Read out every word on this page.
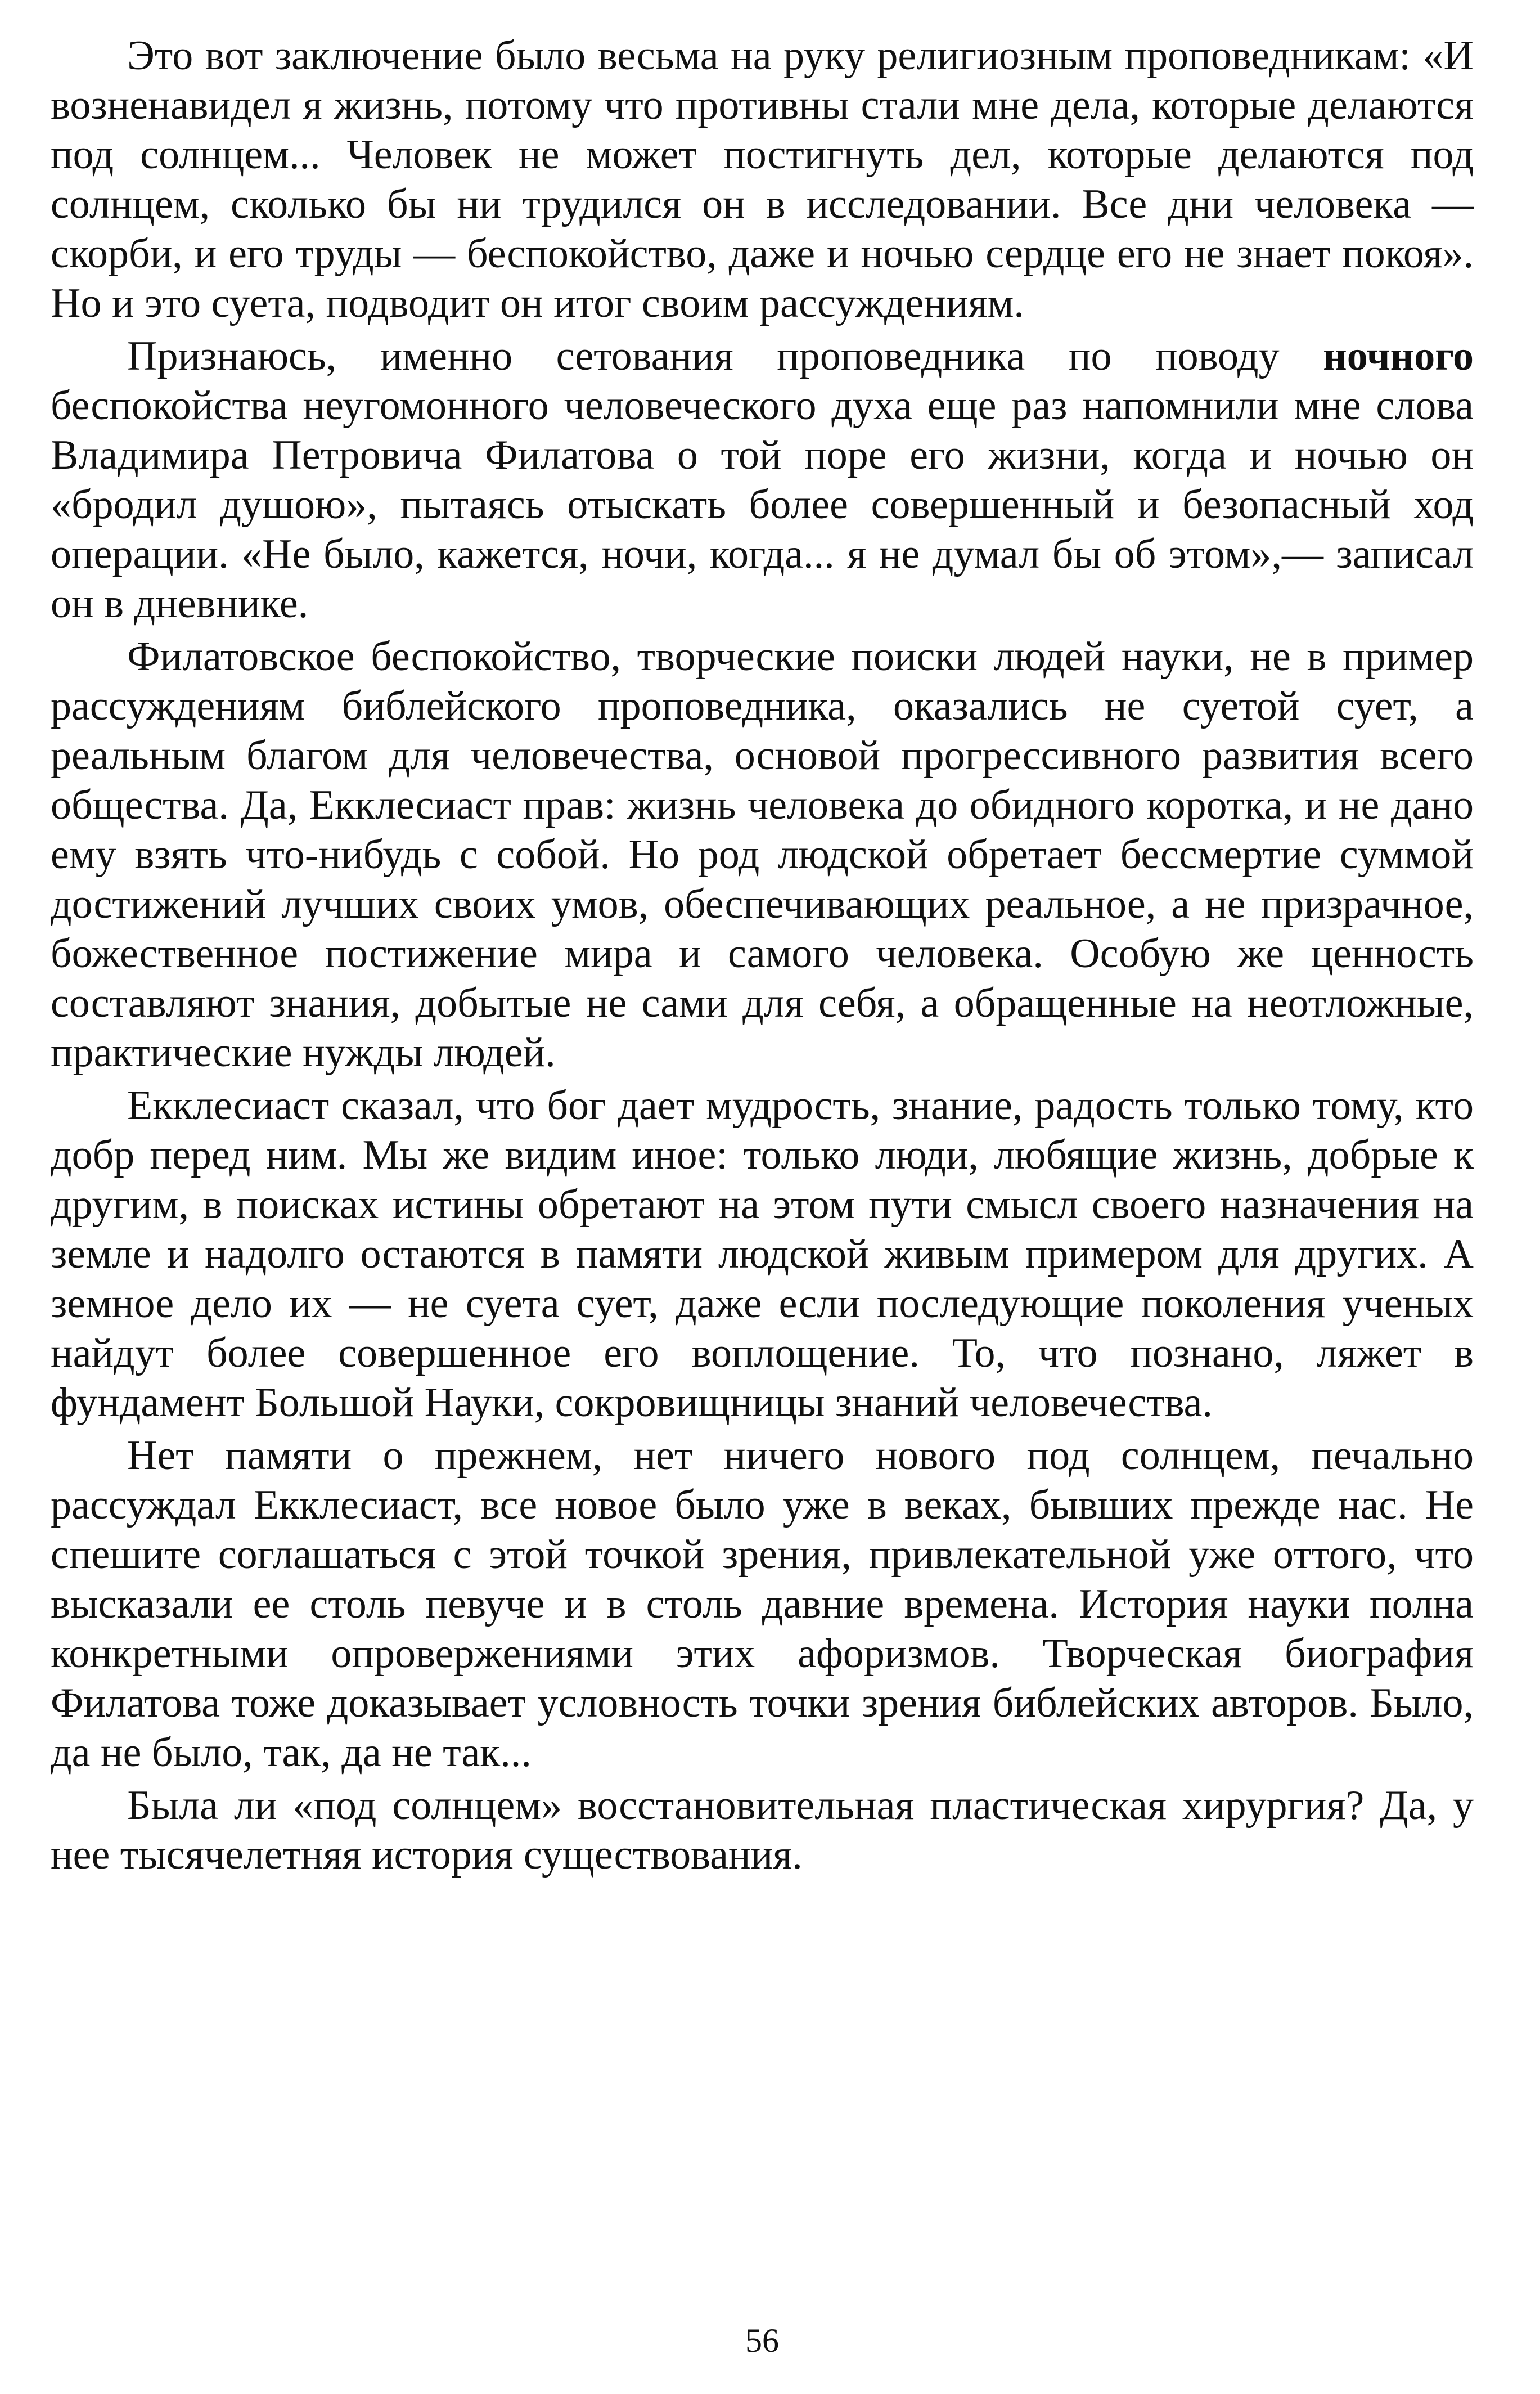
Это вот заключение было весьма на руку религиозным проповедникам: «И возненавидел я жизнь, потому что противны стали мне дела, которые делаются под солнцем... Человек не может постигнуть дел, которые делаются под солнцем, сколько бы ни трудился он в исследовании. Все дни человека — скорби, и его труды — беспокойство, даже и ночью сердце его не знает покоя». Но и это суета, подводит он итог своим рассуждениям.

Признаюсь, именно сетования проповедника по поводу ночного беспокойства неугомонного человеческого духа еще раз напомнили мне слова Владимира Петровича Филатова о той поре его жизни, когда и ночью он «бродил душою», пытаясь отыскать более совершенный и безопасный ход операции. «Не было, кажется, ночи, когда... я не думал бы об этом»,— записал он в дневнике.

Филатовское беспокойство, творческие поиски людей науки, не в пример рассуждениям библейского проповедника, оказались не суетой сует, а реальным благом для человечества, основой прогрессивного развития всего общества. Да, Екклесиаст прав: жизнь человека до обидного коротка, и не дано ему взять что-нибудь с собой. Но род людской обретает бессмертие суммой достижений лучших своих умов, обеспечивающих реальное, а не призрачное, божественное постижение мира и самого человека. Особую же ценность составляют знания, добытые не сами для себя, а обращенные на неотложные, практические нужды людей.

Екклесиаст сказал, что бог дает мудрость, знание, радость только тому, кто добр перед ним. Мы же видим иное: только люди, любящие жизнь, добрые к другим, в поисках истины обретают на этом пути смысл своего назначения на земле и надолго остаются в памяти людской живым примером для других. А земное дело их — не суета сует, даже если последующие поколения ученых найдут более совершенное его воплощение. То, что познано, ляжет в фундамент Большой Науки, сокровищницы знаний человечества.

Нет памяти о прежнем, нет ничего нового под солнцем, печально рассуждал Екклесиаст, все новое было уже в веках, бывших прежде нас. Не спешите соглашаться с этой точкой зрения, привлекательной уже оттого, что высказали ее столь певуче и в столь давние времена. История науки полна конкретными опровержениями этих афоризмов. Творческая биография Филатова тоже доказывает условность точки зрения библейских авторов. Было, да не было, так, да не так...

Была ли «под солнцем» восстановительная пластическая хирургия? Да, у нее тысячелетняя история существования.

56
